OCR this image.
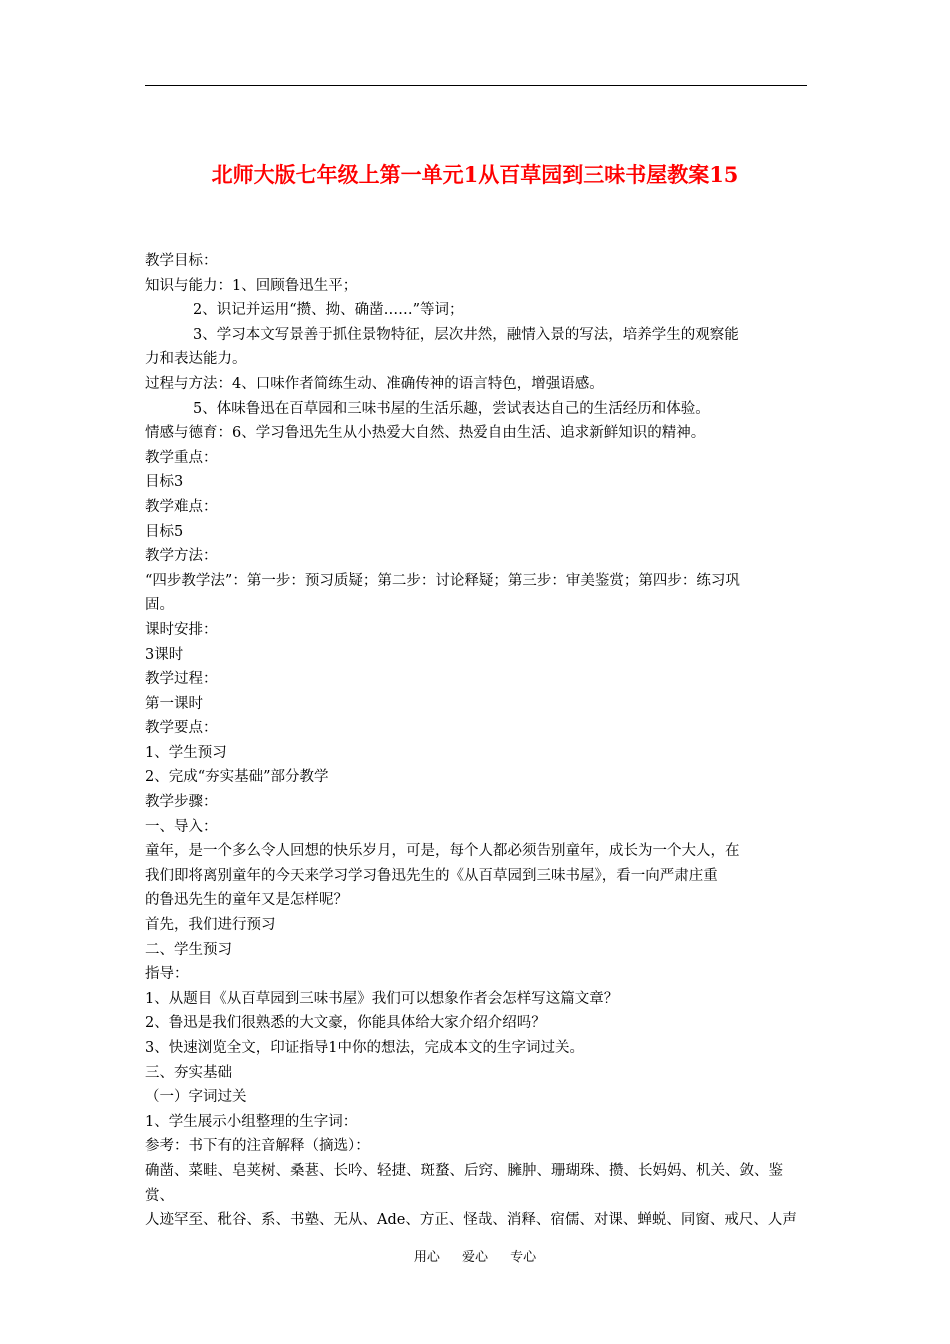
北师大版七年级上第一单元1从百草园到三味书屋教案15

教学目标：

知识与能力：1、回顾鲁迅生平；

2、识记并运用“攒、拗、确凿……”等词；

3、学习本文写景善于抓住景物特征，层次井然，融情入景的写法，培养学生的观察能

力和表达能力。

过程与方法：4、口味作者简练生动、准确传神的语言特色，增强语感。

5、体味鲁迅在百草园和三味书屋的生活乐趣，尝试表达自己的生活经历和体验。

情感与德育：6、学习鲁迅先生从小热爱大自然、热爱自由生活、追求新鲜知识的精神。

教学重点：

目标3

教学难点：

目标5

教学方法：

“四步教学法”：第一步：预习质疑；第二步：讨论释疑；第三步：审美鉴赏；第四步：练习巩

固。

课时安排：

3课时

教学过程：

第一课时

教学要点：

1、学生预习

2、完成“夯实基础”部分教学

教学步骤：

一、导入：

童年，是一个多么令人回想的快乐岁月，可是，每个人都必须告别童年，成长为一个大人，在

我们即将离别童年的今天来学习学习鲁迅先生的《从百草园到三味书屋》，看一向严肃庄重

的鲁迅先生的童年又是怎样呢？

首先，我们进行预习

二、学生预习

指导：

1、从题目《从百草园到三味书屋》我们可以想象作者会怎样写这篇文章？

2、鲁迅是我们很熟悉的大文豪，你能具体给大家介绍介绍吗？

3、快速浏览全文，印证指导1中你的想法，完成本文的生字词过关。

三、夯实基础

（一）字词过关

1、学生展示小组整理的生字词：

参考：书下有的注音解释（摘选）：

确凿、菜畦、皂荚树、桑葚、长吟、轻捷、斑蝥、后窍、臃肿、珊瑚珠、攒、长妈妈、机关、敛、鉴赏、

人迹罕至、秕谷、系、书塾、无从、Ade、方正、怪哉、消释、宿儒、对课、蝉蜕、同窗、戒尺、人声

用心 爱心 专心
